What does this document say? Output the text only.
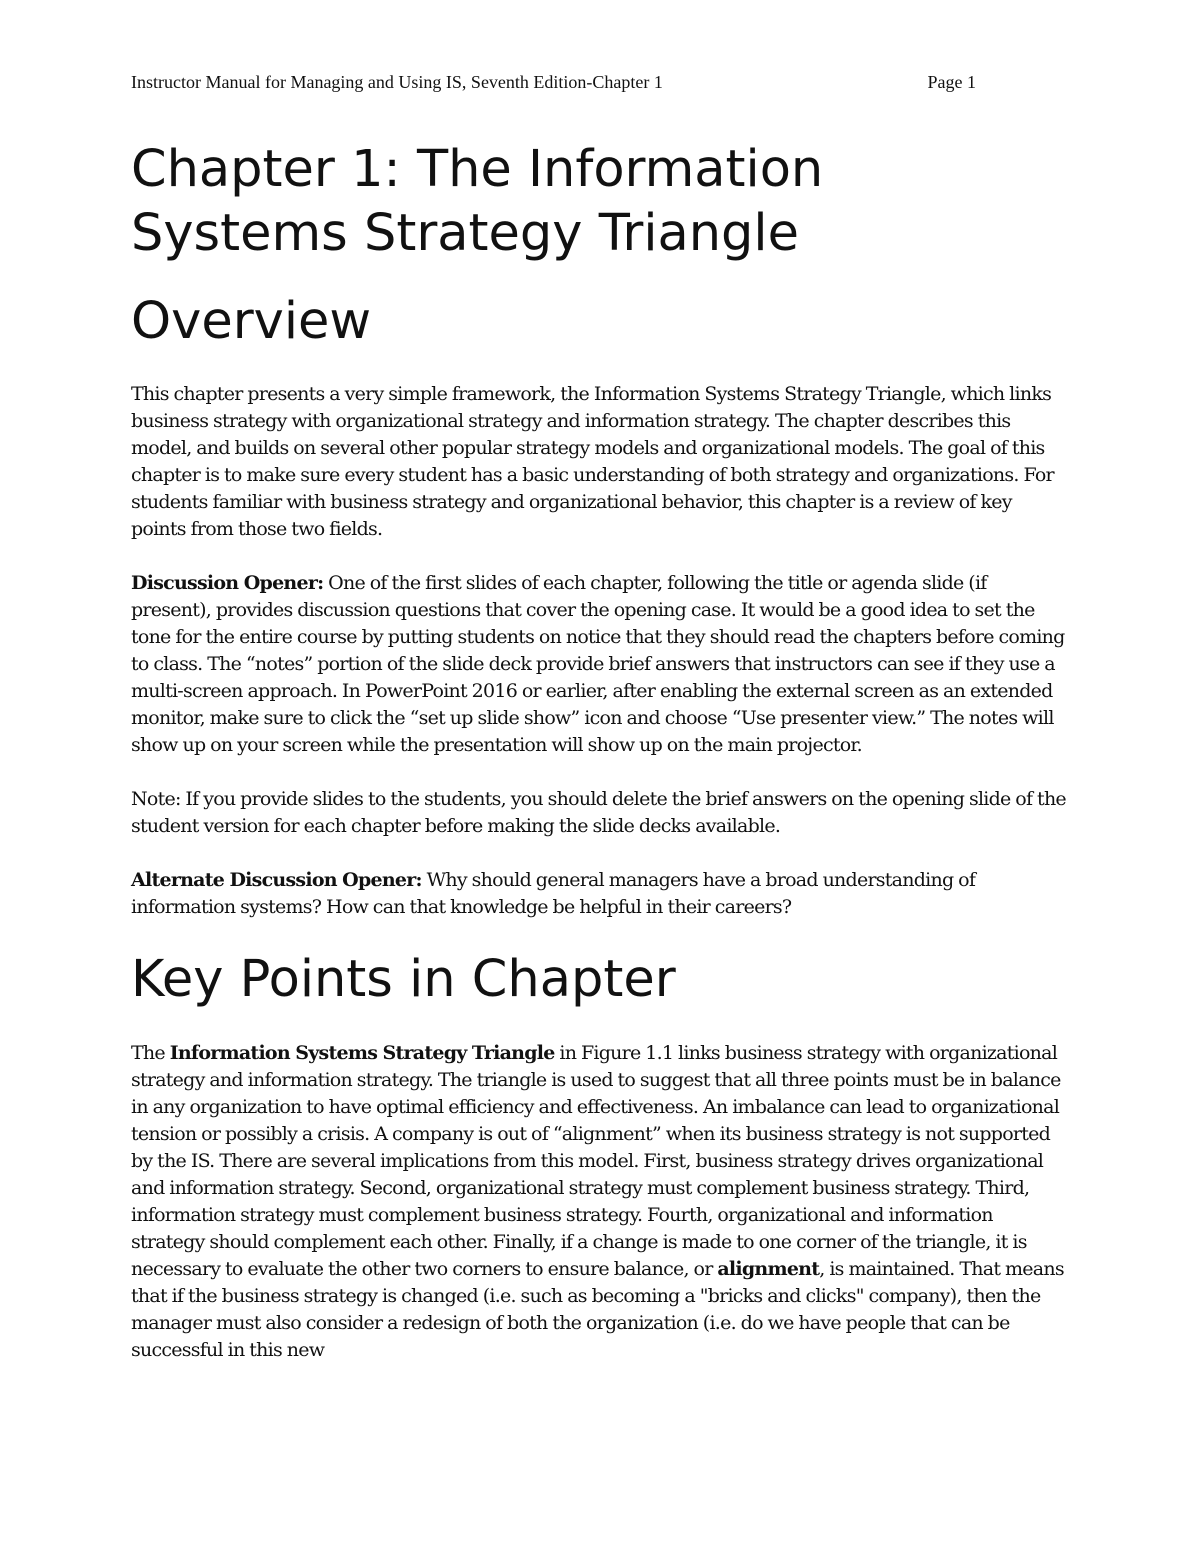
Instructor Manual for Managing and Using IS, Seventh Edition-Chapter 1	Page 1
Chapter 1: The Information
Systems Strategy Triangle
Overview

This chapter presents a very simple framework, the Information Systems Strategy Triangle, which links business strategy with organizational strategy and information strategy. The chapter describes this model, and builds on several other popular strategy models and organizational models. The goal of this chapter is to make sure every student has a basic understanding of both strategy and organizations. For students familiar with business strategy and organizational behavior, this chapter is a review of key points from those two fields.

Discussion Opener: One of the first slides of each chapter, following the title or agenda slide (if present), provides discussion questions that cover the opening case. It would be a good idea to set the tone for the entire course by putting students on notice that they should read the chapters before coming to class. The “notes” portion of the slide deck provide brief answers that instructors can see if they use a multi-screen approach. In PowerPoint 2016 or earlier, after enabling the external screen as an extended monitor, make sure to click the “set up slide show” icon and choose “Use presenter view.” The notes will show up on your screen while the presentation will show up on the main projector.

Note: If you provide slides to the students, you should delete the brief answers on the opening slide of the student version for each chapter before making the slide decks available.

Alternate Discussion Opener: Why should general managers have a broad understanding of information systems? How can that knowledge be helpful in their careers?

Key Points in Chapter

The Information Systems Strategy Triangle in Figure 1.1 links business strategy with organizational strategy and information strategy. The triangle is used to suggest that all three points must be in balance in any organization to have optimal efficiency and effectiveness. An imbalance can lead to organizational tension or possibly a crisis. A company is out of “alignment” when its business strategy is not supported by the IS. There are several implications from this model. First, business strategy drives organizational and information strategy. Second, organizational strategy must complement business strategy. Third, information strategy must complement business strategy. Fourth, organizational and information strategy should complement each other. Finally, if a change is made to one corner of the triangle, it is necessary to evaluate the other two corners to ensure balance, or alignment, is maintained. That means that if the business strategy is changed (i.e. such as becoming a "bricks and clicks" company), then the manager must also consider a redesign of both the organization (i.e. do we have people that can be successful in this new
